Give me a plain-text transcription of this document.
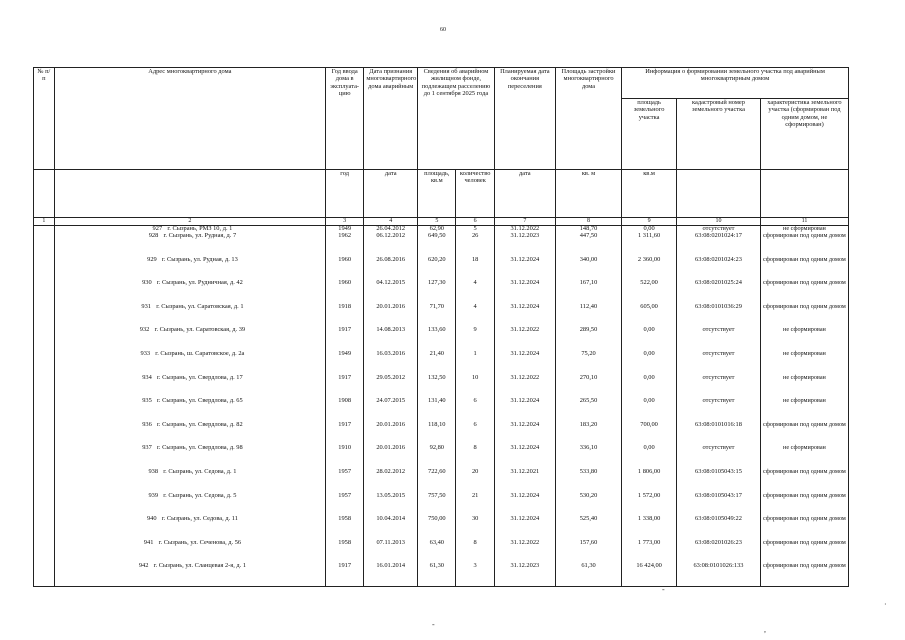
60
№ п/п	Адрес многоквартирного дома	Год ввода дома в эксплуата-цию	Дата признания многоквартирного дома аварийным	Сведения об аварийном жилищном фонде, подлежащем расселению до 1 сентября 2025 года		Планируемая дата окончания переселения	Площадь застройки многоквартирного дома	Информация о формировании земельного участка под аварийным многоквартирным домом		
								площадь земельного участка	кадастровый номер земельного участка	характеристика земельного участка (сформирован под одним домом, не сформирован)
		год	дата	площадь, кв.м	количество человек	дата	кв. м	кв.м		
1	2	3	4	5	6	7	8	9	10	11
	927 г. Сызрань, РМЗ 10, д. 1	1949	26.04.2012	62,90	5	31.12.2022	148,70	0,00	отсутствует	не сформирован
	928 г. Сызрань, ул. Рудная, д. 7	1962	06.12.2012	649,50	26	31.12.2023	447,50	1 311,60	63:08:0201024:17	сформирован под одним домом
	929 г. Сызрань, ул. Рудная, д. 13	1960	26.08.2016	620,20	18	31.12.2024	340,00	2 360,00	63:08:0201024:23	сформирован под одним домом
	930 г. Сызрань, ул. Рудничная, д. 42	1960	04.12.2015	127,30	4	31.12.2024	167,10	522,00	63:08:0201025:24	сформирован под одним домом
	931 г. Сызрань, ул. Саратовская, д. 1	1918	20.01.2016	71,70	4	31.12.2024	112,40	605,00	63:08:0101036:29	сформирован под одним домом
	932 г. Сызрань, ул. Саратовская, д. 39	1917	14.08.2013	133,60	9	31.12.2022	289,50	0,00	отсутствует	не сформирован
	933 г. Сызрань, ш. Саратовское, д. 2а	1949	16.03.2016	21,40	1	31.12.2024	75,20	0,00	отсутствует	не сформирован
	934 г. Сызрань, ул. Свердлова, д. 17	1917	29.05.2012	132,50	10	31.12.2022	270,10	0,00	отсутствует	не сформирован
	935 г. Сызрань, ул. Свердлова, д. 65	1908	24.07.2015	131,40	6	31.12.2024	265,50	0,00	отсутствует	не сформирован
	936 г. Сызрань, ул. Свердлова, д. 82	1917	20.01.2016	118,10	6	31.12.2024	183,20	700,00	63:08:0101016:18	сформирован под одним домом
	937 г. Сызрань, ул. Свердлова, д. 98	1910	20.01.2016	92,80	8	31.12.2024	336,10	0,00	отсутствует	не сформирован
	938 г. Сызрань, ул. Седова, д. 1	1957	28.02.2012	722,60	20	31.12.2021	533,80	1 806,00	63:08:0105043:15	сформирован под одним домом
	939 г. Сызрань, ул. Седова, д. 5	1957	13.05.2015	757,50	21	31.12.2024	530,20	1 572,00	63:08:0105043:17	сформирован под одним домом
	940 г. Сызрань, ул. Седова, д. 11	1958	10.04.2014	750,00	30	31.12.2024	525,40	1 338,00	63:08:0105049:22	сформирован под одним домом
	941 г. Сызрань, ул. Сеченова, д. 56	1958	07.11.2013	63,40	8	31.12.2022	157,60	1 773,00	63:08:0201026:23	сформирован под одним домом
	942 г. Сызрань, ул. Сланцевая 2-я, д. 1	1917	16.01.2014	61,30	3	31.12.2023	61,30	16 424,00	63:08:0101026:133	сформирован под одним домом
-
·
-
,
